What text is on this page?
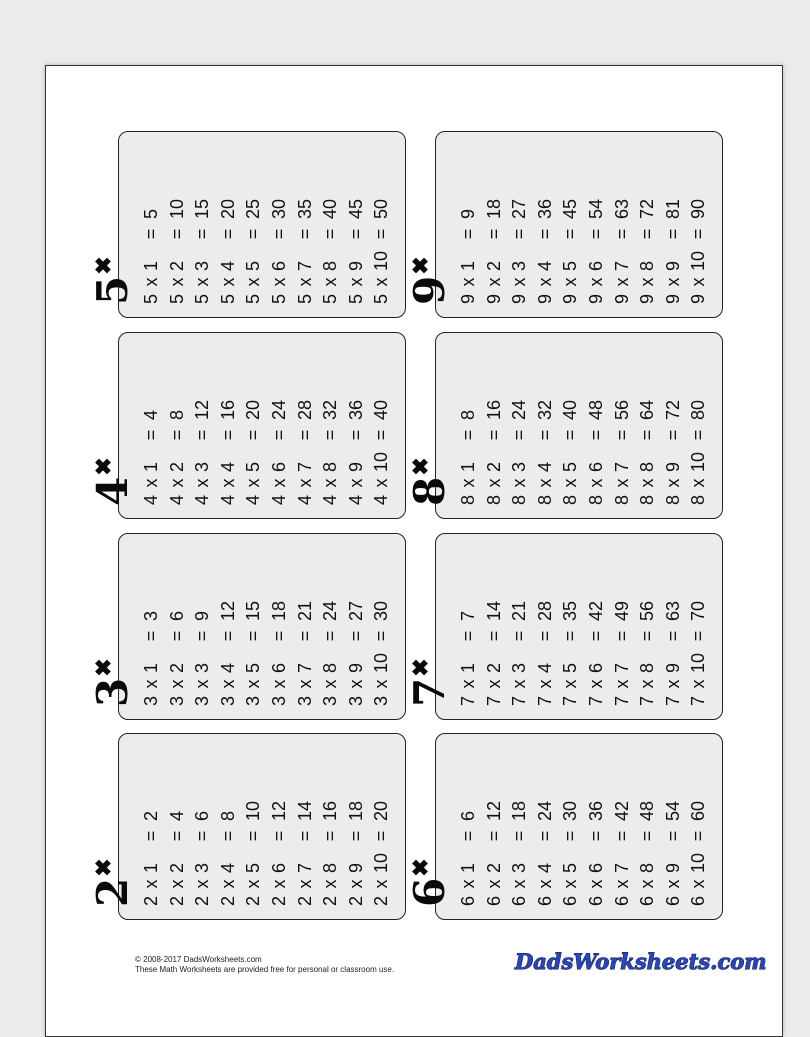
5✖
5x1=5
5x2=10
5x3=15
5x4=20
5x5=25
5x6=30
5x7=35
5x8=40
5x9=45
5x10=50
9✖
9x1=9
9x2=18
9x3=27
9x4=36
9x5=45
9x6=54
9x7=63
9x8=72
9x9=81
9x10=90
4✖
4x1=4
4x2=8
4x3=12
4x4=16
4x5=20
4x6=24
4x7=28
4x8=32
4x9=36
4x10=40
8✖
8x1=8
8x2=16
8x3=24
8x4=32
8x5=40
8x6=48
8x7=56
8x8=64
8x9=72
8x10=80
3✖
3x1=3
3x2=6
3x3=9
3x4=12
3x5=15
3x6=18
3x7=21
3x8=24
3x9=27
3x10=30
7✖
7x1=7
7x2=14
7x3=21
7x4=28
7x5=35
7x6=42
7x7=49
7x8=56
7x9=63
7x10=70
2✖
2x1=2
2x2=4
2x3=6
2x4=8
2x5=10
2x6=12
2x7=14
2x8=16
2x9=18
2x10=20
6✖
6x1=6
6x2=12
6x3=18
6x4=24
6x5=30
6x6=36
6x7=42
6x8=48
6x9=54
6x10=60
© 2008-2017 DadsWorksheets.com
These Math Worksheets are provided free for personal or classroom use.	DadsWorksheets.com
